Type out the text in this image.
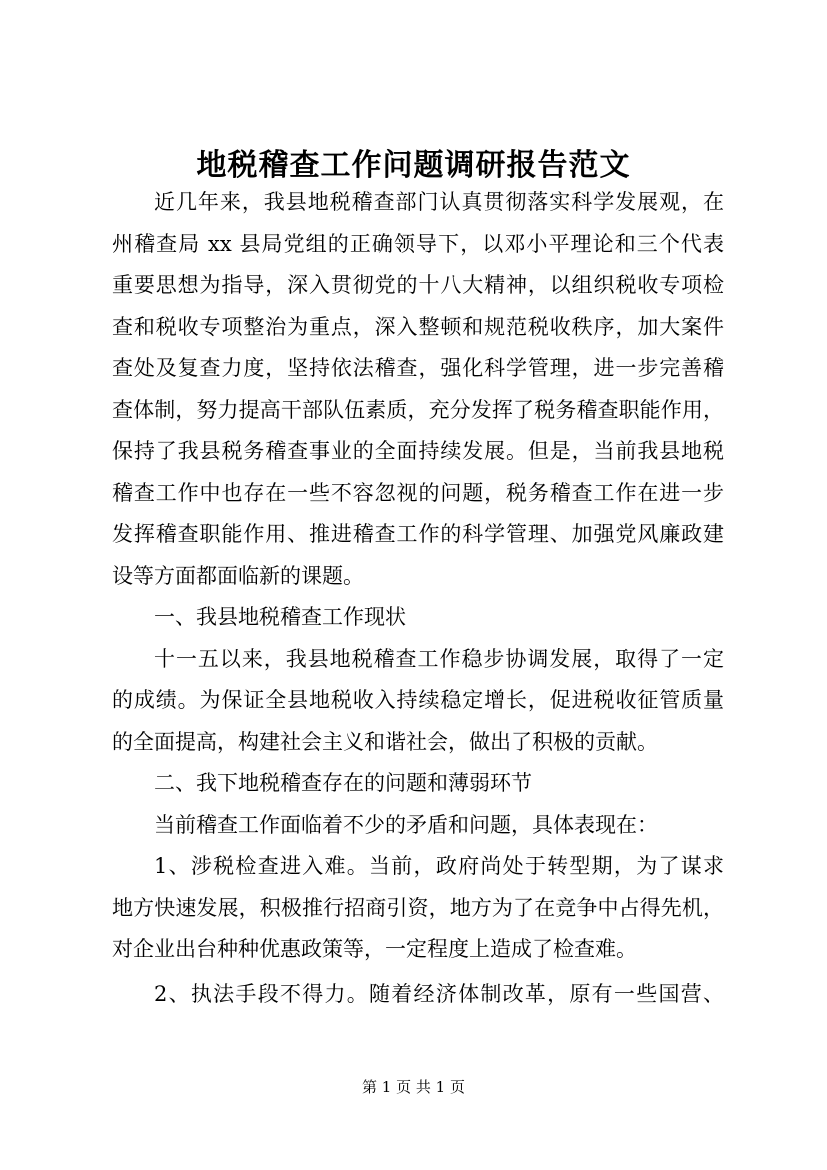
地税稽查工作问题调研报告范文
近几年来，我县地税稽查部门认真贯彻落实科学发展观，在
州稽查局 xx 县局党组的正确领导下，以邓小平理论和三个代表
重要思想为指导，深入贯彻党的十八大精神，以组织税收专项检
查和税收专项整治为重点，深入整顿和规范税收秩序，加大案件
查处及复查力度，坚持依法稽查，强化科学管理，进一步完善稽
查体制，努力提高干部队伍素质，充分发挥了税务稽查职能作用，
保持了我县税务稽查事业的全面持续发展。但是，当前我县地税
稽查工作中也存在一些不容忽视的问题，税务稽查工作在进一步
发挥稽查职能作用、推进稽查工作的科学管理、加强党风廉政建
设等方面都面临新的课题。
一、我县地税稽查工作现状
十一五以来，我县地税稽查工作稳步协调发展，取得了一定
的成绩。为保证全县地税收入持续稳定增长，促进税收征管质量
的全面提高，构建社会主义和谐社会，做出了积极的贡献。
二、我下地税稽查存在的问题和薄弱环节
当前稽查工作面临着不少的矛盾和问题，具体表现在：
1、涉税检查进入难。当前，政府尚处于转型期，为了谋求
地方快速发展，积极推行招商引资，地方为了在竞争中占得先机，
对企业出台种种优惠政策等，一定程度上造成了检查难。
2、执法手段不得力。随着经济体制改革，原有一些国营、
第 1 页 共 1 页
